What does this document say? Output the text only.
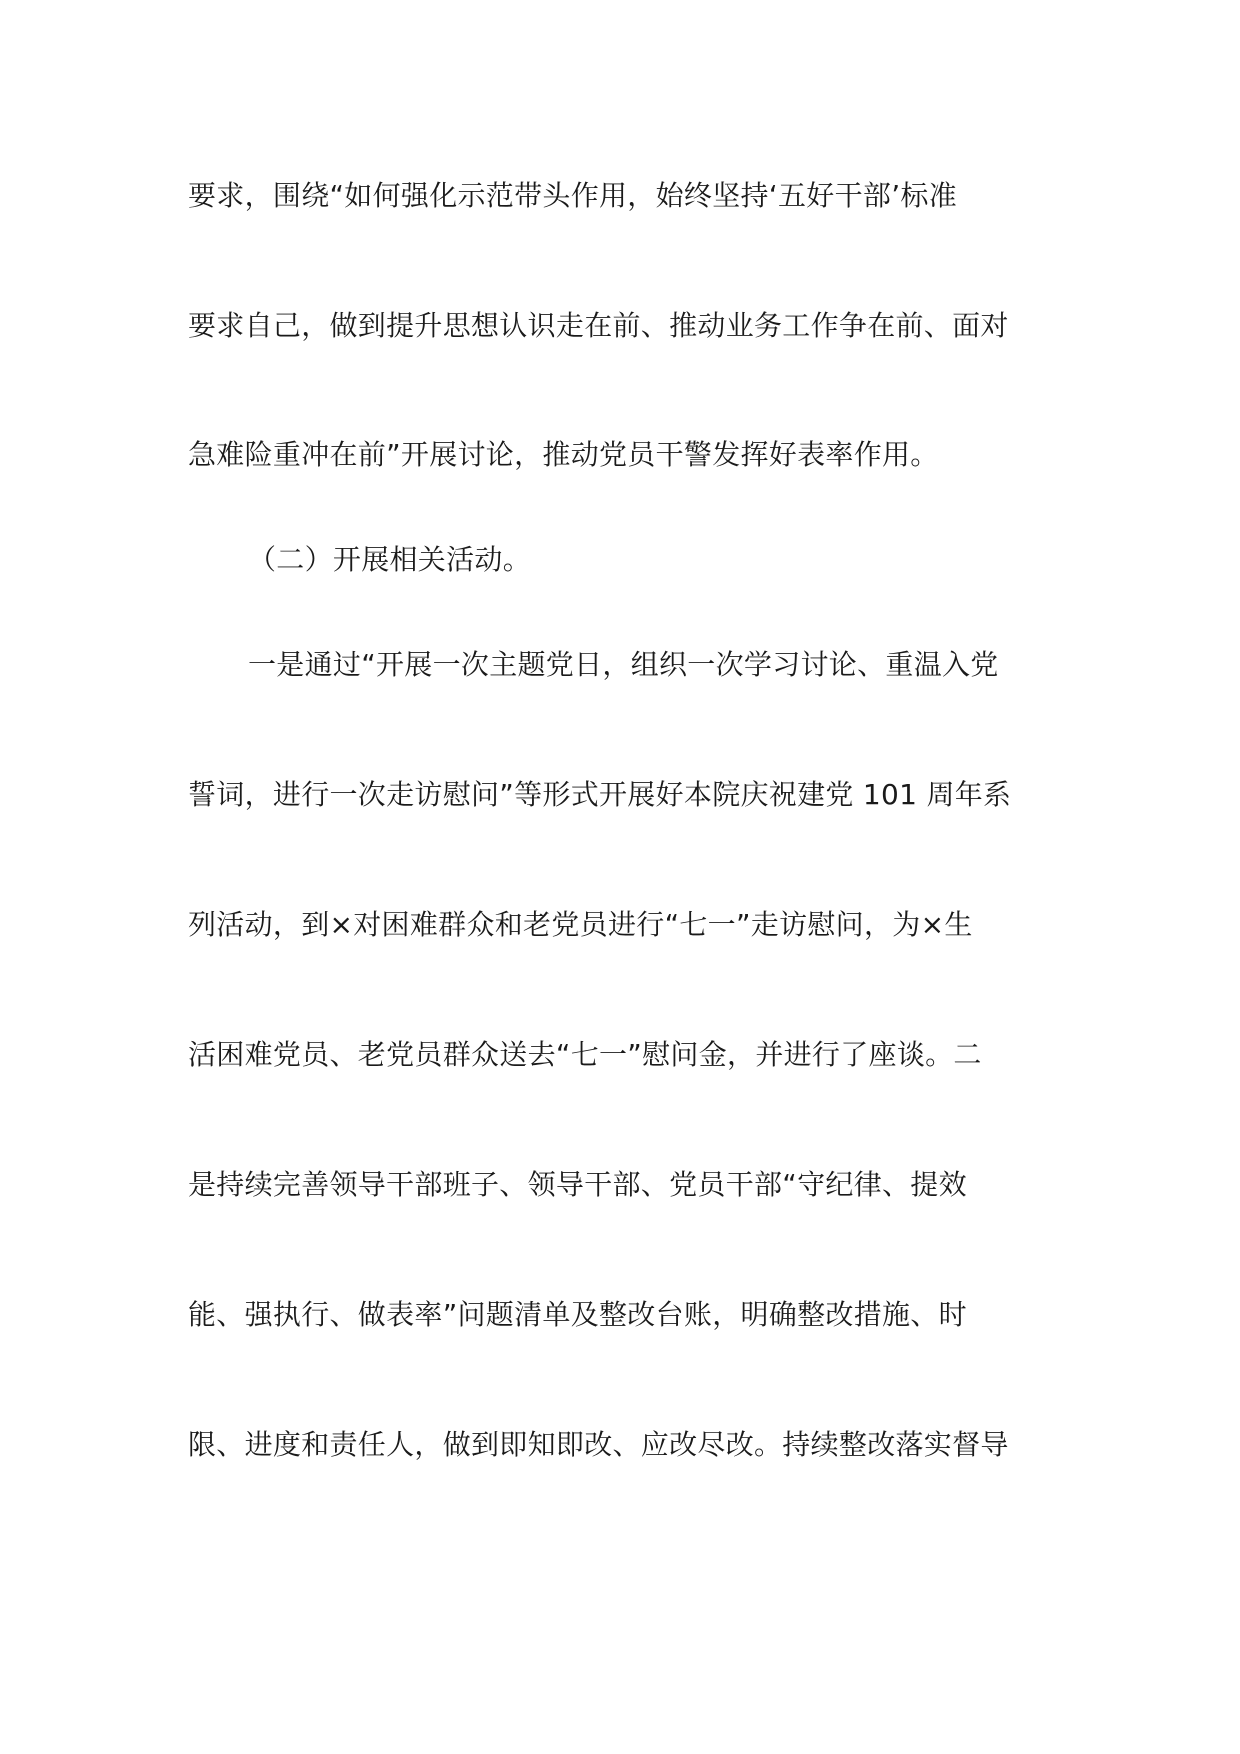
要求，围绕“如何强化示范带头作用，始终坚持‘五好干部’标准
要求自己，做到提升思想认识走在前、推动业务工作争在前、面对
急难险重冲在前”开展讨论，推动党员干警发挥好表率作用。
（二）开展相关活动。
一是通过“开展一次主题党日，组织一次学习讨论、重温入党
誓词，进行一次走访慰问”等形式开展好本院庆祝建党 101 周年系
列活动，到×对困难群众和老党员进行“七一”走访慰问，为×生
活困难党员、老党员群众送去“七一”慰问金，并进行了座谈。二
是持续完善领导干部班子、领导干部、党员干部“守纪律、提效
能、强执行、做表率”问题清单及整改台账，明确整改措施、时
限、进度和责任人，做到即知即改、应改尽改。持续整改落实督导
